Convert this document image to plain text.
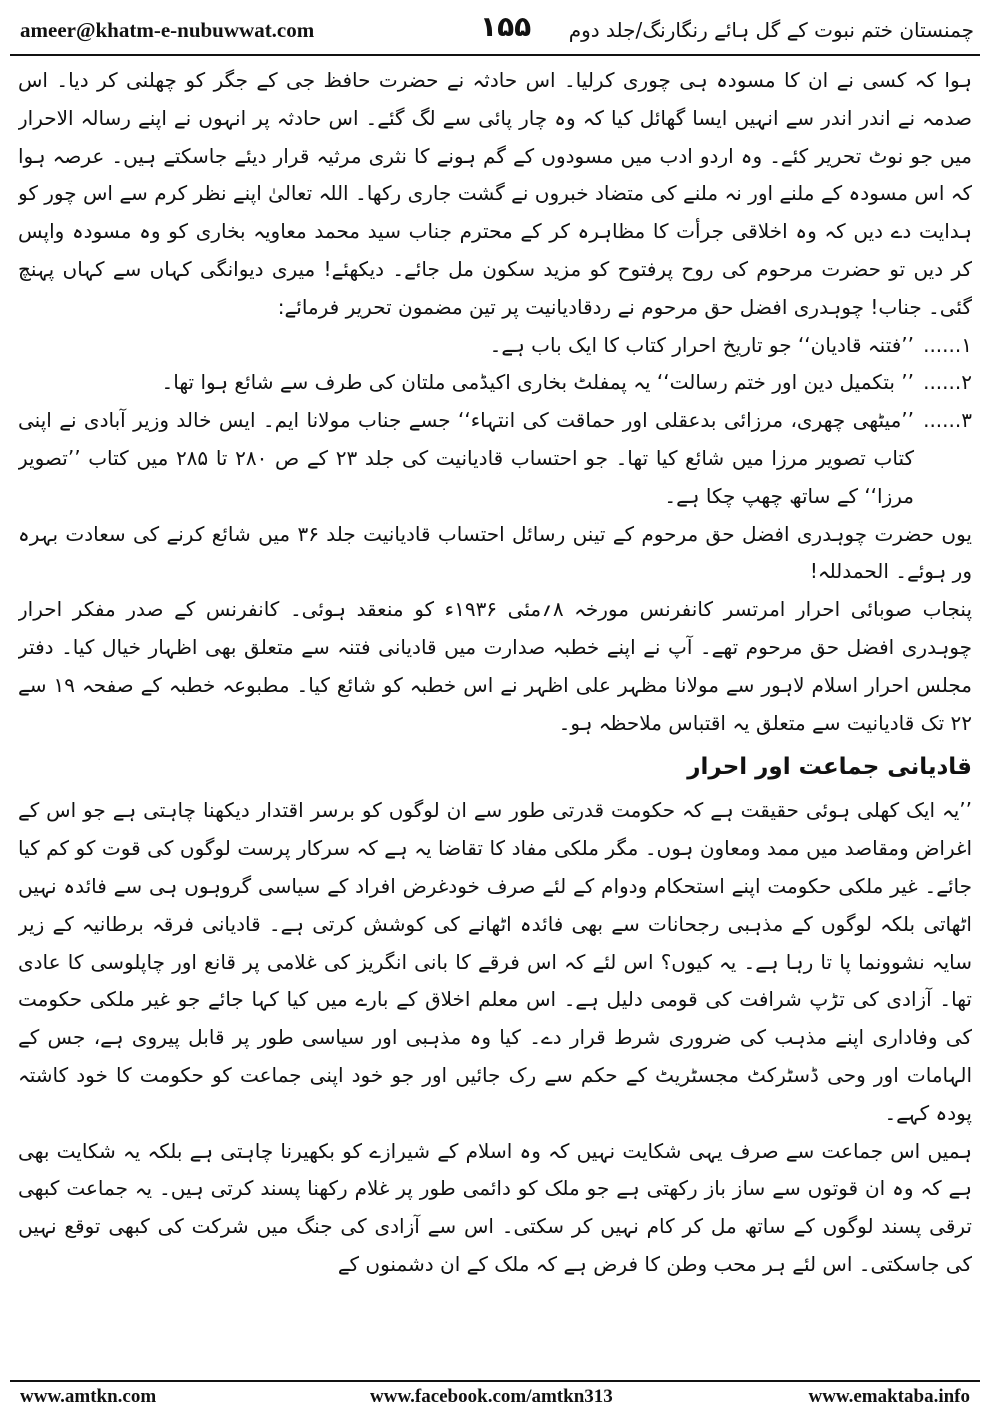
ameer@khatm-e-nubuwwat.com	۱۵۵ چمنستان ختم نبوت کے گل ہائے رنگارنگ/جلد دوم

ہوا کہ کسی نے ان کا مسودہ ہی چوری کرلیا۔ اس حادثہ نے حضرت حافظ جی کے جگر کو چھلنی کر دیا۔ اس صدمہ نے اندر اندر سے انہیں ایسا گھائل کیا کہ وہ چار پائی سے لگ گئے۔ اس حادثہ پر انہوں نے اپنے رسالہ الاحرار میں جو نوٹ تحریر کئے۔ وہ اردو ادب میں مسودوں کے گم ہونے کا نثری مرثیہ قرار دیئے جاسکتے ہیں۔ عرصہ ہوا کہ اس مسودہ کے ملنے اور نہ ملنے کی متضاد خبروں نے گشت جاری رکھا۔ اللہ تعالیٰ اپنے نظر کرم سے اس چور کو ہدایت دے دیں کہ وہ اخلاقی جرأت کا مظاہرہ کر کے محترم جناب سید محمد معاویہ بخاری کو وہ مسودہ واپس کر دیں تو حضرت مرحوم کی روح پرفتوح کو مزید سکون مل جائے۔ دیکھئے! میری دیوانگی کہاں سے کہاں پہنچ گئی۔ جناب! چوہدری افضل حق مرحوم نے ردقادیانیت پر تین مضمون تحریر فرمائے:

۱......
’’فتنہ قادیان‘‘ جو تاریخ احرار کتاب کا ایک باب ہے۔
۲......
’’ بتکمیل دین اور ختم رسالت‘‘ یہ پمفلٹ بخاری اکیڈمی ملتان کی طرف سے شائع ہوا تھا۔
۳......
’’میٹھی چھری، مرزائی بدعقلی اور حماقت کی انتہاء‘‘ جسے جناب مولانا ایم۔ ایس خالد وزیر آبادی نے اپنی کتاب تصویر مرزا میں شائع کیا تھا۔ جو احتساب قادیانیت کی جلد ۲۳ کے ص ۲۸۰ تا ۲۸۵ میں کتاب ’’تصویر مرزا‘‘ کے ساتھ چھپ چکا ہے۔

یوں حضرت چوہدری افضل حق مرحوم کے تینں رسائل احتساب قادیانیت جلد ۳۶ میں شائع کرنے کی سعادت بہرہ ور ہوئے۔ الحمدللہ!

پنجاب صوبائی احرار امرتسر کانفرنس مورخہ ۸؍مئی ۱۹۳۶ء کو منعقد ہوئی۔ کانفرنس کے صدر مفکر احرار چوہدری افضل حق مرحوم تھے۔ آپ نے اپنے خطبہ صدارت میں قادیانی فتنہ سے متعلق بھی اظہار خیال کیا۔ دفتر مجلس احرار اسلام لاہور سے مولانا مظہر علی اظہر نے اس خطبہ کو شائع کیا۔ مطبوعہ خطبہ کے صفحہ ۱۹ سے ۲۲ تک قادیانیت سے متعلق یہ اقتباس ملاحظہ ہو۔

قادیانی جماعت اور احرار

’’یہ ایک کھلی ہوئی حقیقت ہے کہ حکومت قدرتی طور سے ان لوگوں کو برسر اقتدار دیکھنا چاہتی ہے جو اس کے اغراض ومقاصد میں ممد ومعاون ہوں۔ مگر ملکی مفاد کا تقاضا یہ ہے کہ سرکار پرست لوگوں کی قوت کو کم کیا جائے۔ غیر ملکی حکومت اپنے استحکام ودوام کے لئے صرف خودغرض افراد کے سیاسی گروہوں ہی سے فائدہ نہیں اٹھاتی بلکہ لوگوں کے مذہبی رجحانات سے بھی فائدہ اٹھانے کی کوشش کرتی ہے۔ قادیانی فرقہ برطانیہ کے زیر سایہ نشوونما پا تا رہا ہے۔ یہ کیوں؟ اس لئے کہ اس فرقے کا بانی انگریز کی غلامی پر قانع اور چاپلوسی کا عادی تھا۔ آزادی کی تڑپ شرافت کی قومی دلیل ہے۔ اس معلم اخلاق کے بارے میں کیا کہا جائے جو غیر ملکی حکومت کی وفاداری اپنے مذہب کی ضروری شرط قرار دے۔ کیا وہ مذہبی اور سیاسی طور پر قابل پیروی ہے، جس کے الہامات اور وحی ڈسٹرکٹ مجسٹریٹ کے حکم سے رک جائیں اور جو خود اپنی جماعت کو حکومت کا خود کاشتہ پودہ کہے۔

ہمیں اس جماعت سے صرف یہی شکایت نہیں کہ وہ اسلام کے شیرازے کو بکھیرنا چاہتی ہے بلکہ یہ شکایت بھی ہے کہ وہ ان قوتوں سے ساز باز رکھتی ہے جو ملک کو دائمی طور پر غلام رکھنا پسند کرتی ہیں۔ یہ جماعت کبھی ترقی پسند لوگوں کے ساتھ مل کر کام نہیں کر سکتی۔ اس سے آزادی کی جنگ میں شرکت کی کبھی توقع نہیں کی جاسکتی۔ اس لئے ہر محب وطن کا فرض ہے کہ ملک کے ان دشمنوں کے

www.amtkn.com	www.facebook.com/amtkn313	www.emaktaba.info
